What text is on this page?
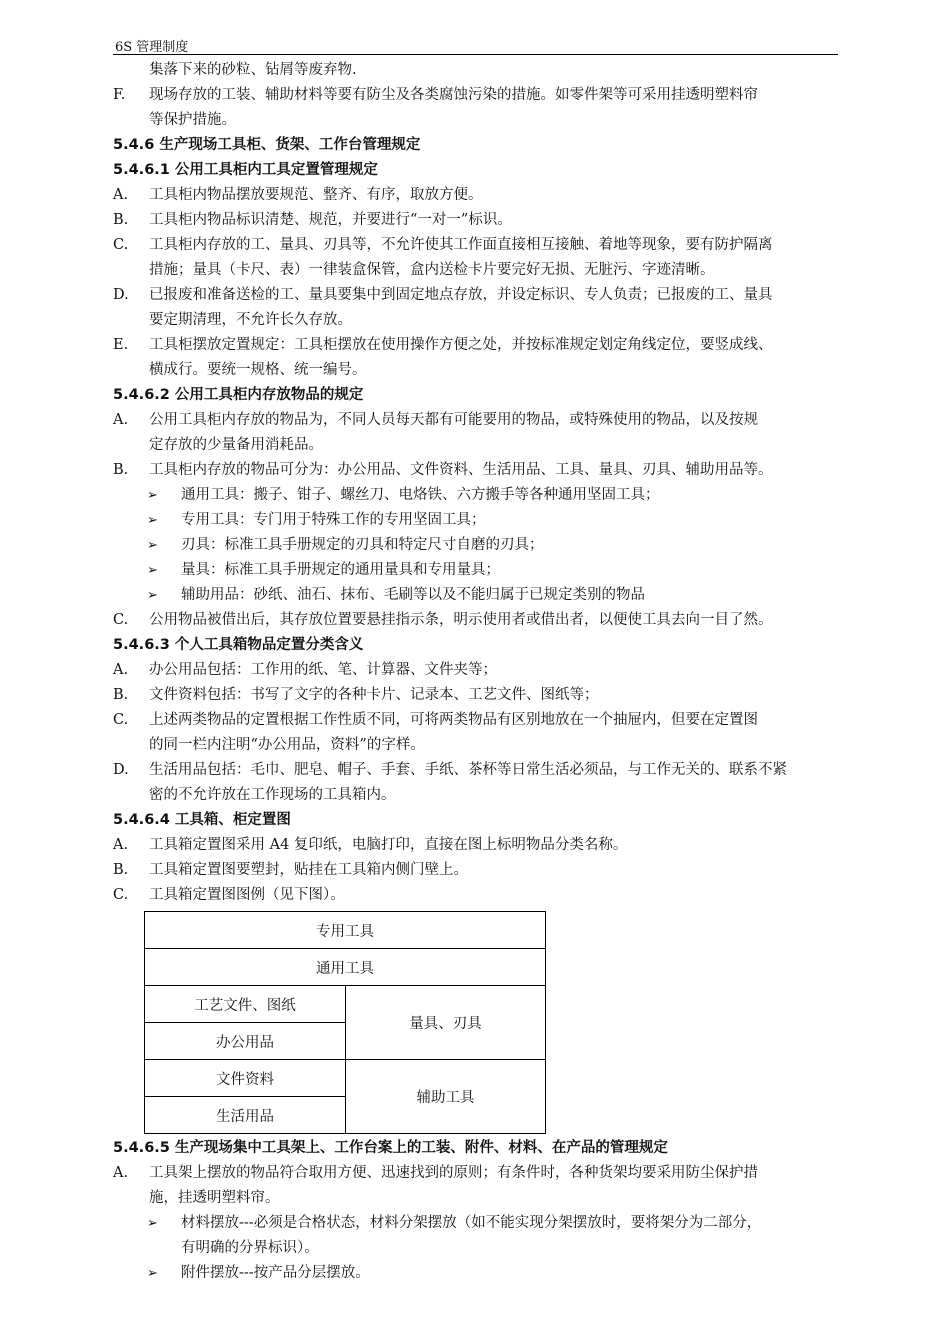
6S 管理制度
集落下来的砂粒、钻屑等废弃物.
F.	现场存放的工装、辅助材料等要有防尘及各类腐蚀污染的措施。如零件架等可采用挂透明塑料帘
等保护措施。
5.4.6 生产现场工具柜、货架、工作台管理规定
5.4.6.1 公用工具柜内工具定置管理规定
A.	工具柜内物品摆放要规范、整齐、有序，取放方便。
B.	工具柜内物品标识清楚、规范，并要进行“一对一”标识。
C.	工具柜内存放的工、量具、刃具等，不允许使其工作面直接相互接触、着地等现象，要有防护隔离
措施；量具（卡尺、表）一律装盒保管，盒内送检卡片要完好无损、无脏污、字迹清晰。
D.	已报废和准备送检的工、量具要集中到固定地点存放，并设定标识、专人负责；已报废的工、量具
要定期清理，不允许长久存放。
E.	工具柜摆放定置规定：工具柜摆放在使用操作方便之处，并按标准规定划定角线定位，要竖成线、
横成行。要统一规格、统一编号。
5.4.6.2 公用工具柜内存放物品的规定
A.	公用工具柜内存放的物品为，不同人员每天都有可能要用的物品，或特殊使用的物品，以及按规
定存放的少量备用消耗品。
B.	工具柜内存放的物品可分为：办公用品、文件资料、生活用品、工具、量具、刃具、辅助用品等。
➢	通用工具：搬子、钳子、螺丝刀、电烙铁、六方搬手等各种通用坚固工具；
➢	专用工具：专门用于特殊工作的专用坚固工具；
➢	刃具：标准工具手册规定的刃具和特定尺寸自磨的刃具；
➢	量具：标准工具手册规定的通用量具和专用量具；
➢	辅助用品：砂纸、油石、抹布、毛刷等以及不能归属于已规定类别的物品
C.	公用物品被借出后，其存放位置要悬挂指示条，明示使用者或借出者，以便使工具去向一目了然。
5.4.6.3 个人工具箱物品定置分类含义
A.	办公用品包括：工作用的纸、笔、计算器、文件夹等；
B.	文件资料包括：书写了文字的各种卡片、记录本、工艺文件、图纸等；
C.	上述两类物品的定置根据工作性质不同，可将两类物品有区别地放在一个抽屉内，但要在定置图
的同一栏内注明“办公用品，资料”的字样。
D.	生活用品包括：毛巾、肥皂、帽子、手套、手纸、茶杯等日常生活必须品，与工作无关的、联系不紧
密的不允许放在工作现场的工具箱内。
5.4.6.4 工具箱、柜定置图
A.	工具箱定置图采用 A4 复印纸，电脑打印，直接在图上标明物品分类名称。
B.	工具箱定置图要塑封，贴挂在工具箱内侧门壁上。
C.	工具箱定置图图例（见下图）。
专用工具	
通用工具	
工艺文件、图纸	量具、刃具
办公用品	
文件资料	辅助工具
生活用品	
5.4.6.5 生产现场集中工具架上、工作台案上的工装、附件、材料、在产品的管理规定
A.	工具架上摆放的物品符合取用方便、迅速找到的原则；有条件时，各种货架均要采用防尘保护措
施，挂透明塑料帘。
➢	材料摆放---必须是合格状态，材料分架摆放（如不能实现分架摆放时，要将架分为二部分，
有明确的分界标识）。
➢	附件摆放---按产品分层摆放。
